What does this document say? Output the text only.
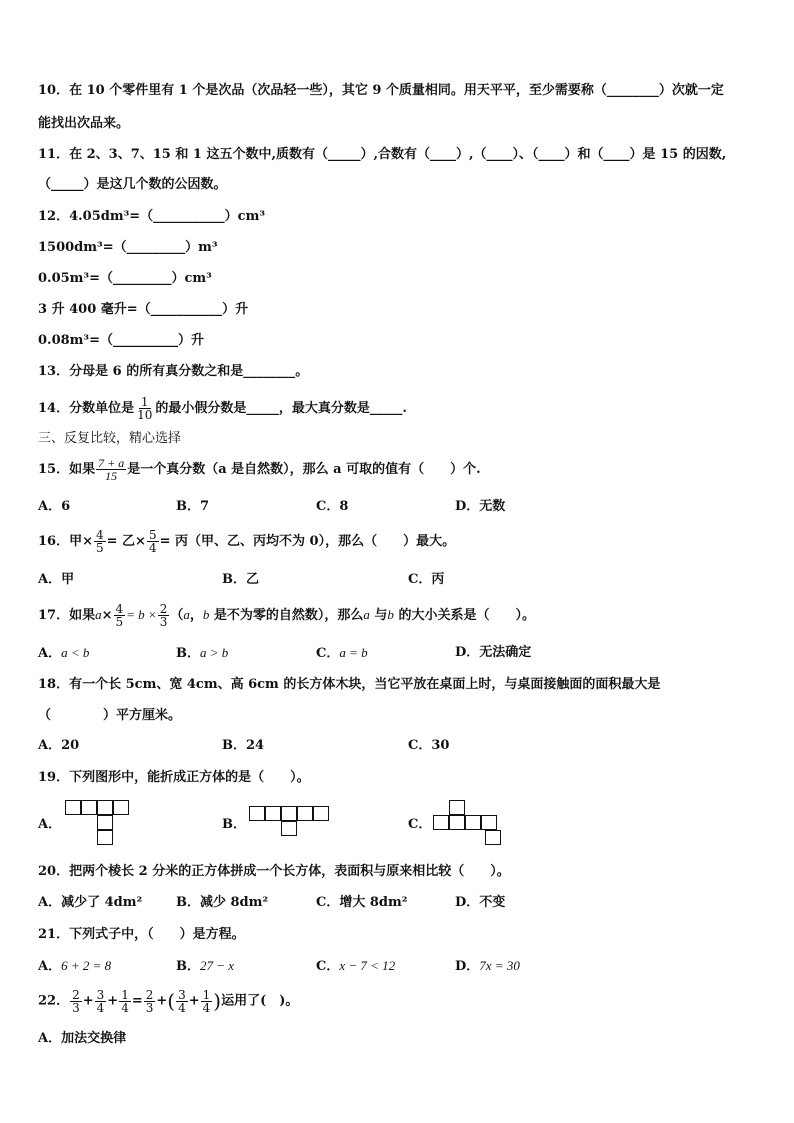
10．在 10 个零件里有 1 个是次品（次品轻一些），其它 9 个质量相同。用天平平，至少需要称（________）次就一定
能找出次品来。
11．在 2、3、7、15 和 1 这五个数中,质数有（_____）,合数有（____）,（____）、（____）和（____）是 15 的因数,
（_____）是这几个数的公因数。
12．4.05dm³=（___________）cm³
1500dm³=（_________）m³
0.05m³=（_________）cm³
3 升 400 毫升=（___________）升
0.08m³=（__________）升
13．分母是 6 的所有真分数之和是________。
14．分数单位是 $\frac{1}{10}$ 的最小假分数是_____，最大真分数是_____.
三、反复比较，精心选择
15．如果 $\frac{7 + a}{15}$ 是一个真分数（a 是自然数），那么 a 可取的值有（　　）个.
A．6	B．7	C．8	D．无数
16．甲× $\frac{4}{5}$ = 乙× $\frac{5}{4}$ = 丙（甲、乙、丙均不为 0），那么（　　）最大。
A．甲	B．乙	C．丙
17．如果$a\times \frac{4}{5} = b \times \frac{2}{3} (a$，b 是不为零的自然数），那么a 与b 的大小关系是（　　）。
A．a < b	B．a > b	C．a = b	D．无法确定
18．有一个长 5cm、宽 4cm、高 6cm 的长方体木块，当它平放在桌面上时，与桌面接触面的面积最大是
（　　　　）平方厘米。
A．20	B．24	C．30
19．下列图形中，能折成正方体的是（　　）。
A．	B．	C．
20．把两个棱长 2 分米的正方体拼成一个长方体，表面积与原来相比较（　　）。
A．减少了 4dm²	B．减少 8dm²	C．增大 8dm²	D．不变
21．下列式子中，（　　）是方程。
A．6 + 2 = 8	B．27 − x	C．x − 7 < 12	D．7x = 30
22． $\frac{2}{3} + \frac{3}{4} + \frac{1}{4} = \frac{2}{3}$ +( $\frac{3}{4} + \frac{1}{4}$ )运用了(　)。
A．加法交换律
